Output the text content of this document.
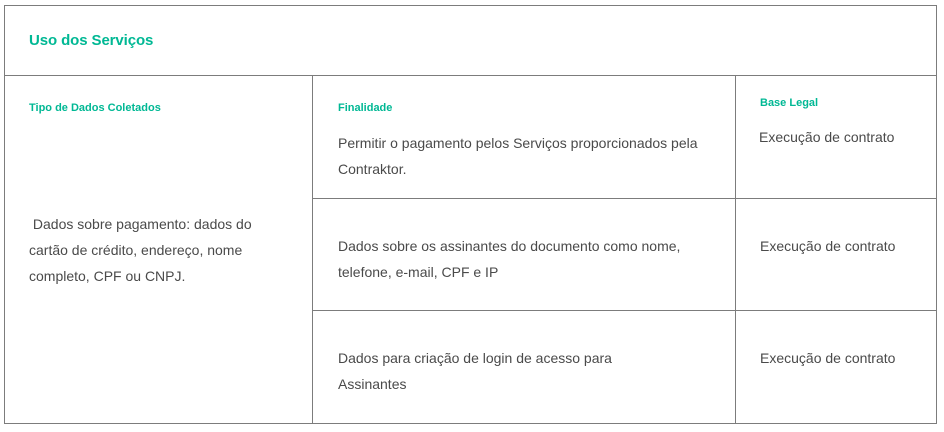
Uso dos Serviços
Tipo de Dados Coletados	Finalidade	Base Legal
Dados sobre pagamento: dados do cartão de crédito, endereço, nome completo, CPF ou CNPJ.
Permitir o pagamento pelos Serviços proporcionados pela Contraktor.
Execução de contrato
Dados sobre os assinantes do documento como nome, telefone, e-mail, CPF e IP
Execução de contrato
Dados para criação de login de acesso para Assinantes
Execução de contrato
